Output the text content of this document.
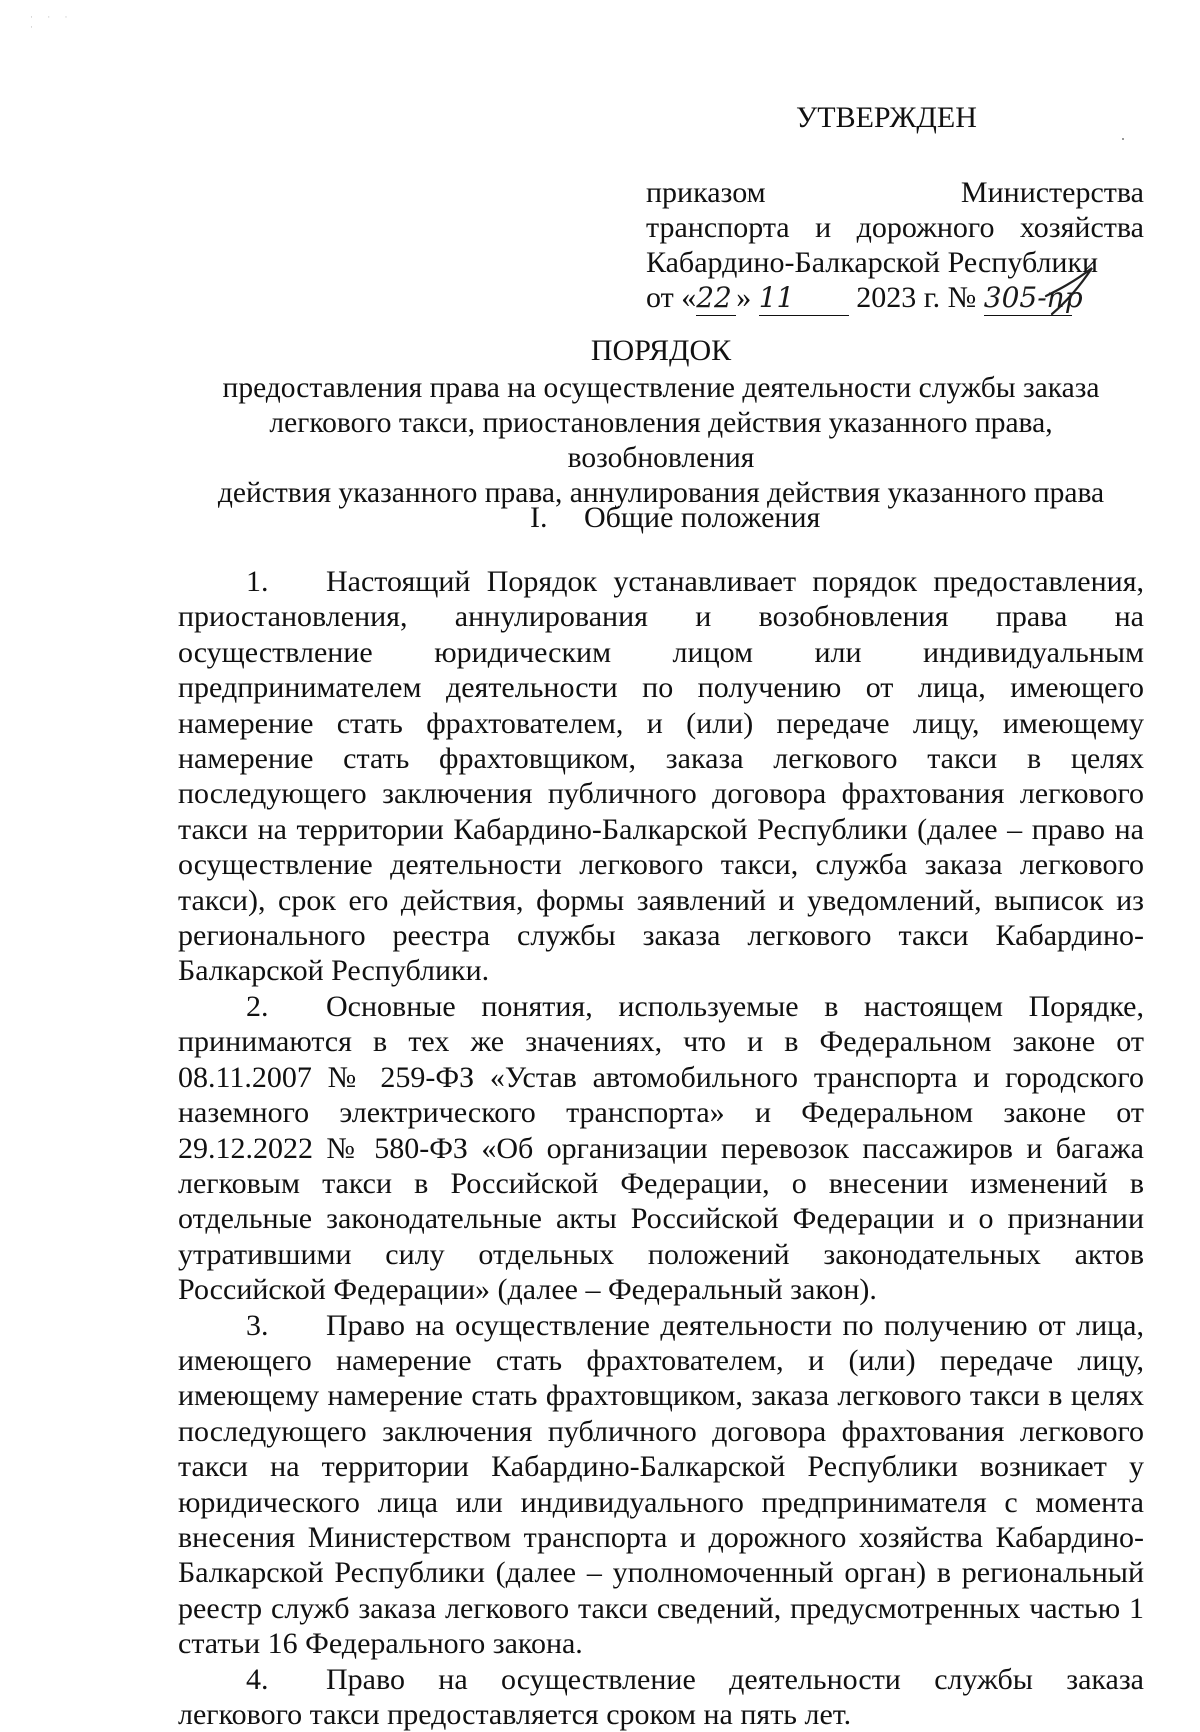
· · · ·
УТВЕРЖДЕН
приказом	Министерства
транспорта и дорожного хозяйства
Кабардино-Балкарской Республики
от «22 » 11 2023 г. № 305-пр
ПОРЯДОК
предоставления права на осуществление деятельности службы заказа
легкового такси, приостановления действия указанного права, возобновления
действия указанного права, аннулирования действия указанного права
I. Общие положения

1. Настоящий Порядок устанавливает порядок предоставления, приостановления, аннулирования и возобновления права на осуществление юридическим лицом или индивидуальным предпринимателем деятельности по получению от лица, имеющего намерение стать фрахтователем, и (или) передаче лицу, имеющему намерение стать фрахтовщиком, заказа легкового такси в целях последующего заключения публичного договора фрахтования легкового такси на территории Кабардино-Балкарской Республики (далее – право на осуществление деятельности легкового такси, служба заказа легкового такси), срок его действия, формы заявлений и уведомлений, выписок из регионального реестра службы заказа легкового такси Кабардино-Балкарской Республики.

2. Основные понятия, используемые в настоящем Порядке, принимаются в тех же значениях, что и в Федеральном законе от 08.11.2007 № 259-ФЗ «Устав автомобильного транспорта и городского наземного электрического транспорта» и Федеральном законе от 29.12.2022 № 580-ФЗ «Об организации перевозок пассажиров и багажа легковым такси в Российской Федерации, о внесении изменений в отдельные законодательные акты Российской Федерации и о признании утратившими силу отдельных положений законодательных актов Российской Федерации» (далее – Федеральный закон).

3. Право на осуществление деятельности по получению от лица, имеющего намерение стать фрахтователем, и (или) передаче лицу, имеющему намерение стать фрахтовщиком, заказа легкового такси в целях последующего заключения публичного договора фрахтования легкового такси на территории Кабардино-Балкарской Республики возникает у юридического лица или индивидуального предпринимателя с момента внесения Министерством транспорта и дорожного хозяйства Кабардино-Балкарской Республики (далее – уполномоченный орган) в региональный реестр служб заказа легкового такси сведений, предусмотренных частью 1 статьи 16 Федерального закона.

4. Право на осуществление деятельности службы заказа легкового такси предоставляется сроком на пять лет.
